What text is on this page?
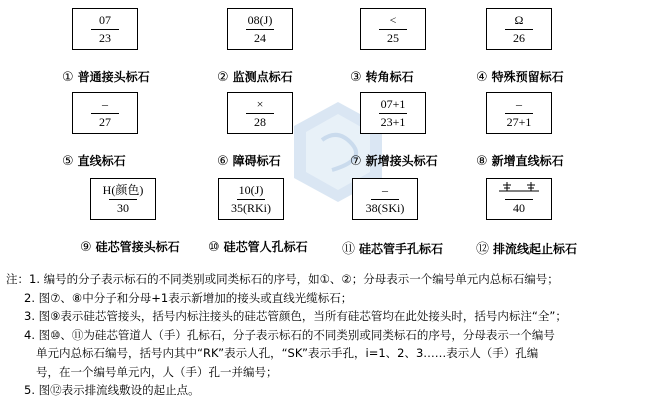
07
23
① 普通接头标石
08(J)
24
② 监测点标石
<
25
③ 转角标石
Ω
26
④ 特殊预留标石
–
27
⑤ 直线标石
×
28
⑥ 障碍标石
07+1
23+1
⑦ 新增接头标石
–
27+1
⑧ 新增直线标石
H(颜色)
30
⑨ 硅芯管接头标石
10(J)
35(RKi)
⑩ 硅芯管人孔标石
–
38(SKi)
⑪ 硅芯管手孔标石
40
⑫ 排流线起止标石
注：1. 编号的分子表示标石的不同类别或同类标石的序号，如①、②；分母表示一个编号单元内总标石编号；
2. 图⑦、⑧中分子和分母+1表示新增加的接头或直线光缆标石；
3. 图⑨表示硅芯管接头，括号内标注接头的硅芯管颜色，当所有硅芯管均在此处接头时，括号内标注“全”；
4. 图⑩、⑪为硅芯管道人（手）孔标石，分子表示标石的不同类别或同类标石的序号，分母表示一个编号
单元内总标石编号，括号内其中“RK”表示人孔，“SK”表示手孔，i=1、2、3……表示人（手）孔编
号，在一个编号单元内，人（手）孔一并编号；
5. 图⑫表示排流线敷设的起止点。
